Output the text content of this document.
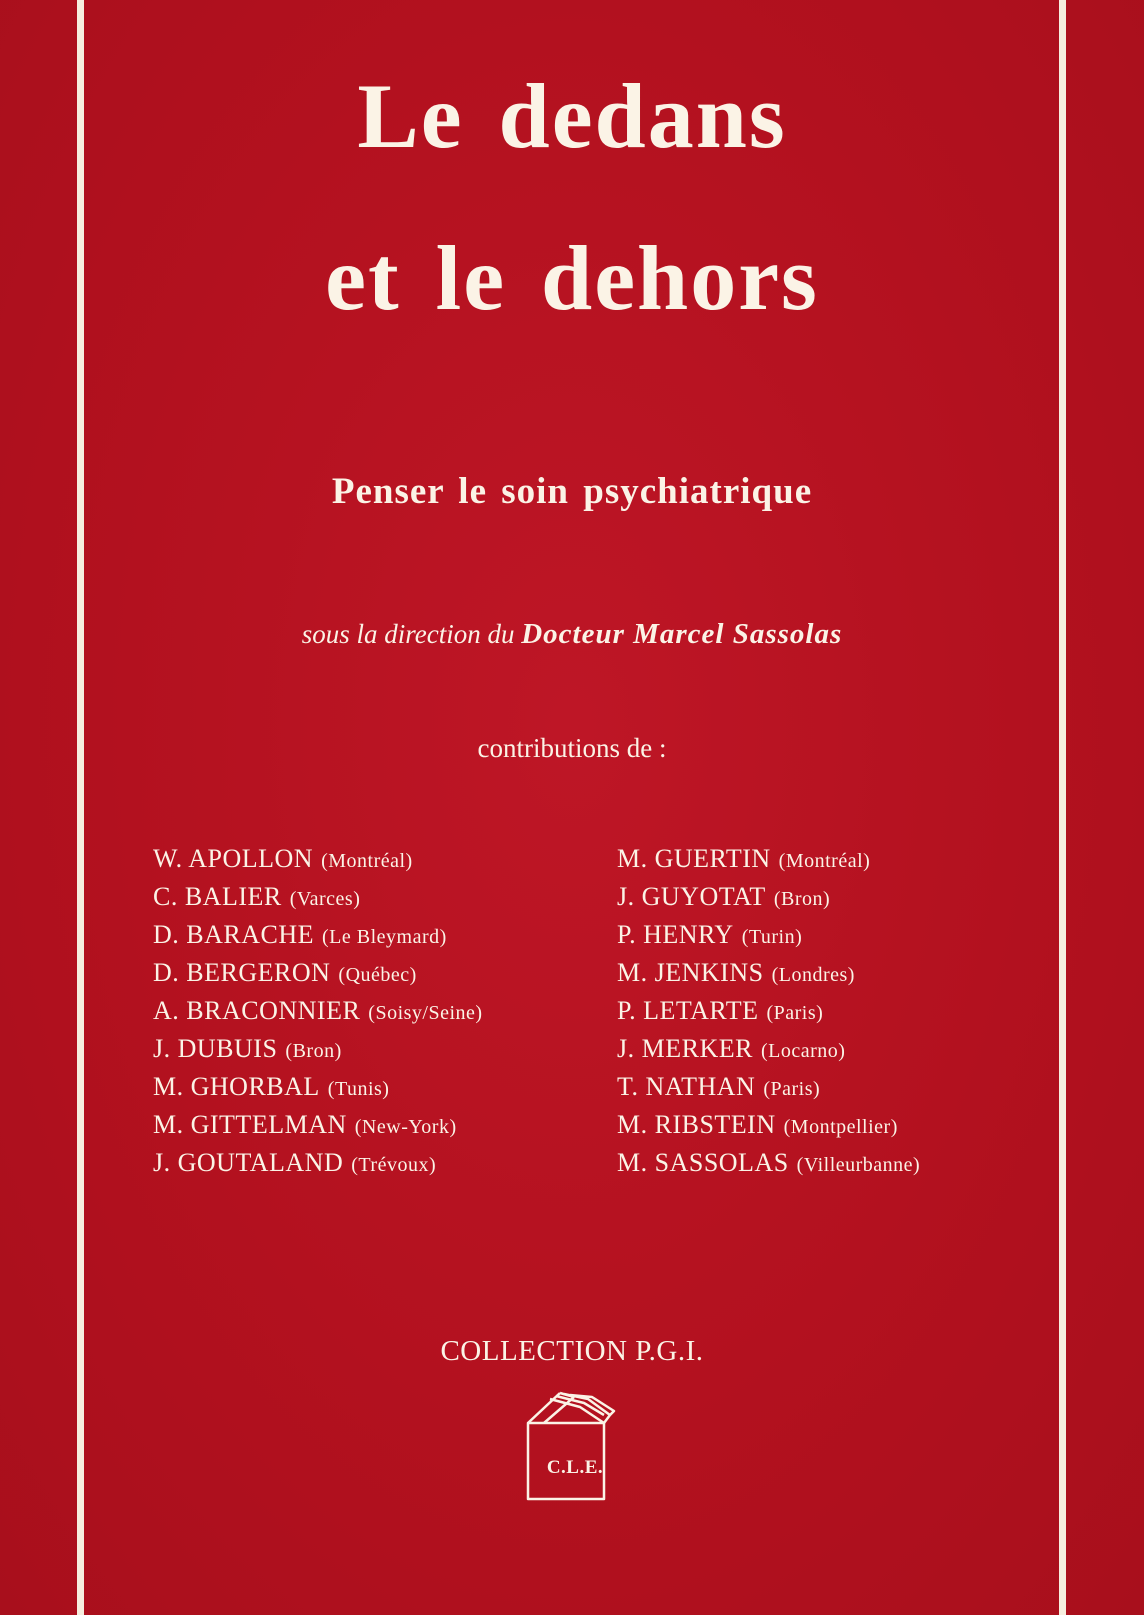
Le dedans
et le dehors
Penser le soin psychiatrique
sous la direction du Docteur Marcel Sassolas
contributions de :
W. APOLLON (Montréal)
C. BALIER (Varces)
D. BARACHE (Le Bleymard)
D. BERGERON (Québec)
A. BRACONNIER (Soisy/Seine)
J. DUBUIS (Bron)
M. GHORBAL (Tunis)
M. GITTELMAN (New-York)
J. GOUTALAND (Trévoux)
M. GUERTIN (Montréal)
J. GUYOTAT (Bron)
P. HENRY (Turin)
M. JENKINS (Londres)
P. LETARTE (Paris)
J. MERKER (Locarno)
T. NATHAN (Paris)
M. RIBSTEIN (Montpellier)
M. SASSOLAS (Villeurbanne)
COLLECTION P.G.I.
C.L.E.
